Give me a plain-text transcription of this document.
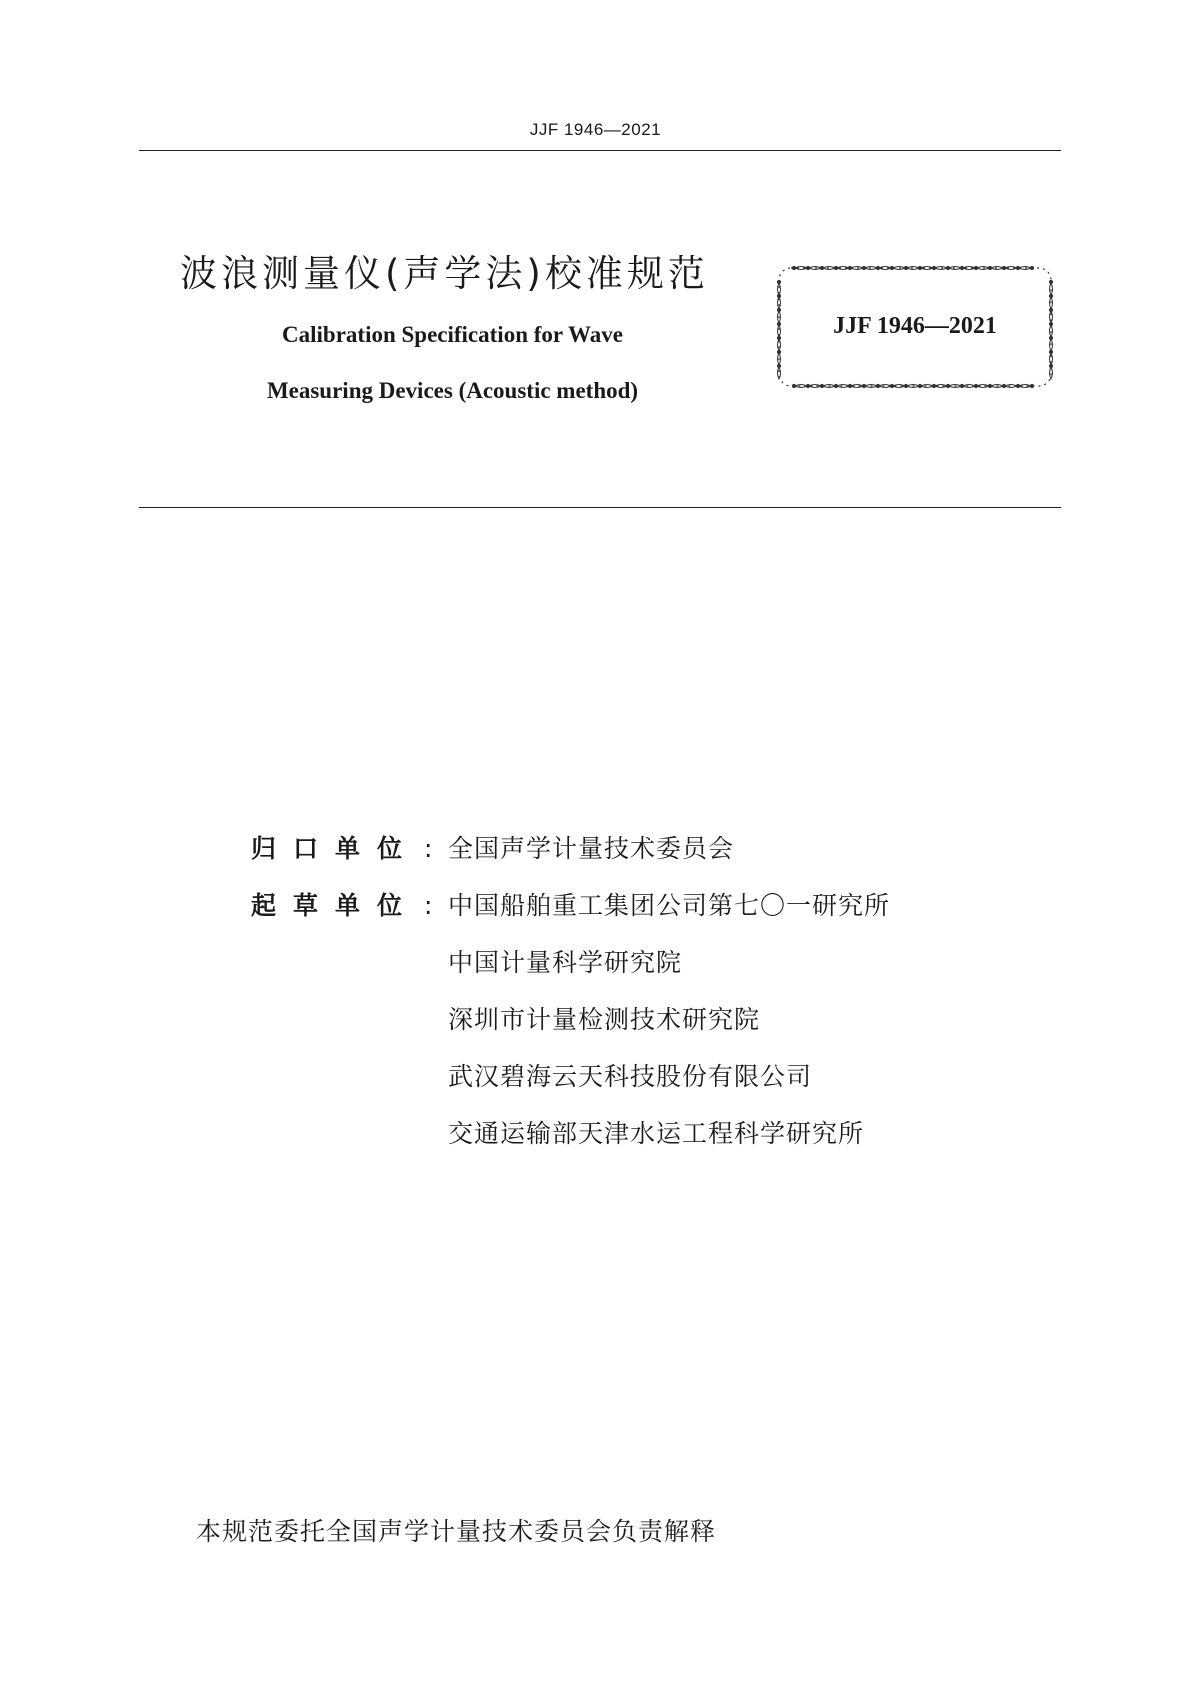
JJF 1946—2021
波浪测量仪(声学法)校准规范
Calibration Specification for Wave
Measuring Devices (Acoustic method)
JJF 1946—2021
归口单位 : 全国声学计量技术委员会
起草单位 : 中国船舶重工集团公司第七〇一研究所
中国计量科学研究院
深圳市计量检测技术研究院
武汉碧海云天科技股份有限公司
交通运输部天津水运工程科学研究所
本规范委托全国声学计量技术委员会负责解释
